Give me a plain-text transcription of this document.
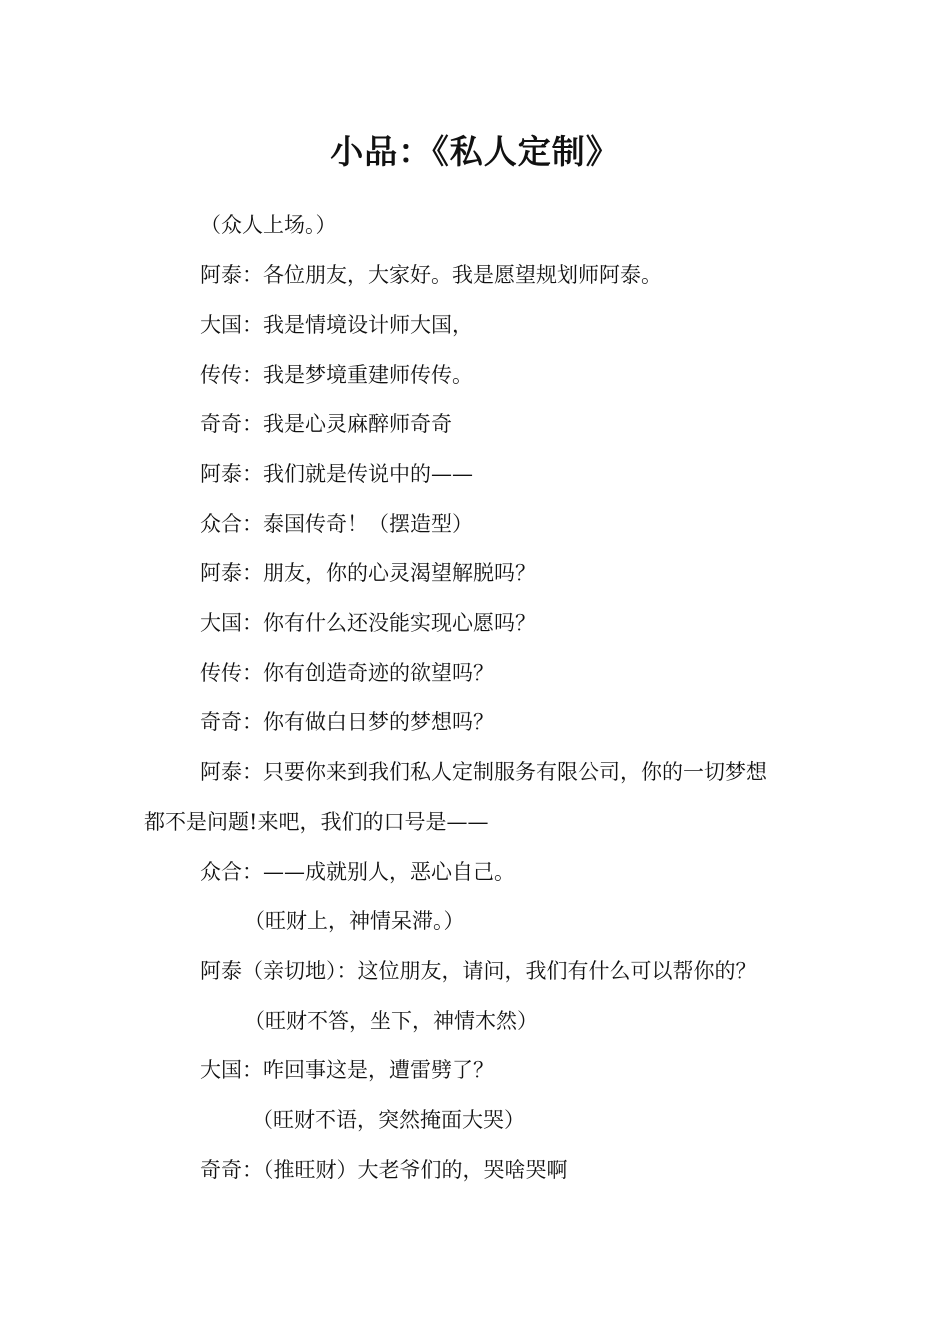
小品：《私人定制》
（众人上场。）
阿泰：各位朋友，大家好。我是愿望规划师阿泰。
大国：我是情境设计师大国，
传传：我是梦境重建师传传。
奇奇：我是心灵麻醉师奇奇
阿泰：我们就是传说中的——
众合：泰国传奇！（摆造型）
阿泰：朋友，你的心灵渴望解脱吗？
大国：你有什么还没能实现心愿吗？
传传：你有创造奇迹的欲望吗？
奇奇：你有做白日梦的梦想吗？
阿泰：只要你来到我们私人定制服务有限公司，你的一切梦想
都不是问题!来吧，我们的口号是——
众合：——成就别人，恶心自己。
（旺财上，神情呆滞。）
阿泰（亲切地）：这位朋友，请问，我们有什么可以帮你的？
（旺财不答，坐下，神情木然）
大国：咋回事这是，遭雷劈了？
（旺财不语，突然掩面大哭）
奇奇：（推旺财）大老爷们的，哭啥哭啊
